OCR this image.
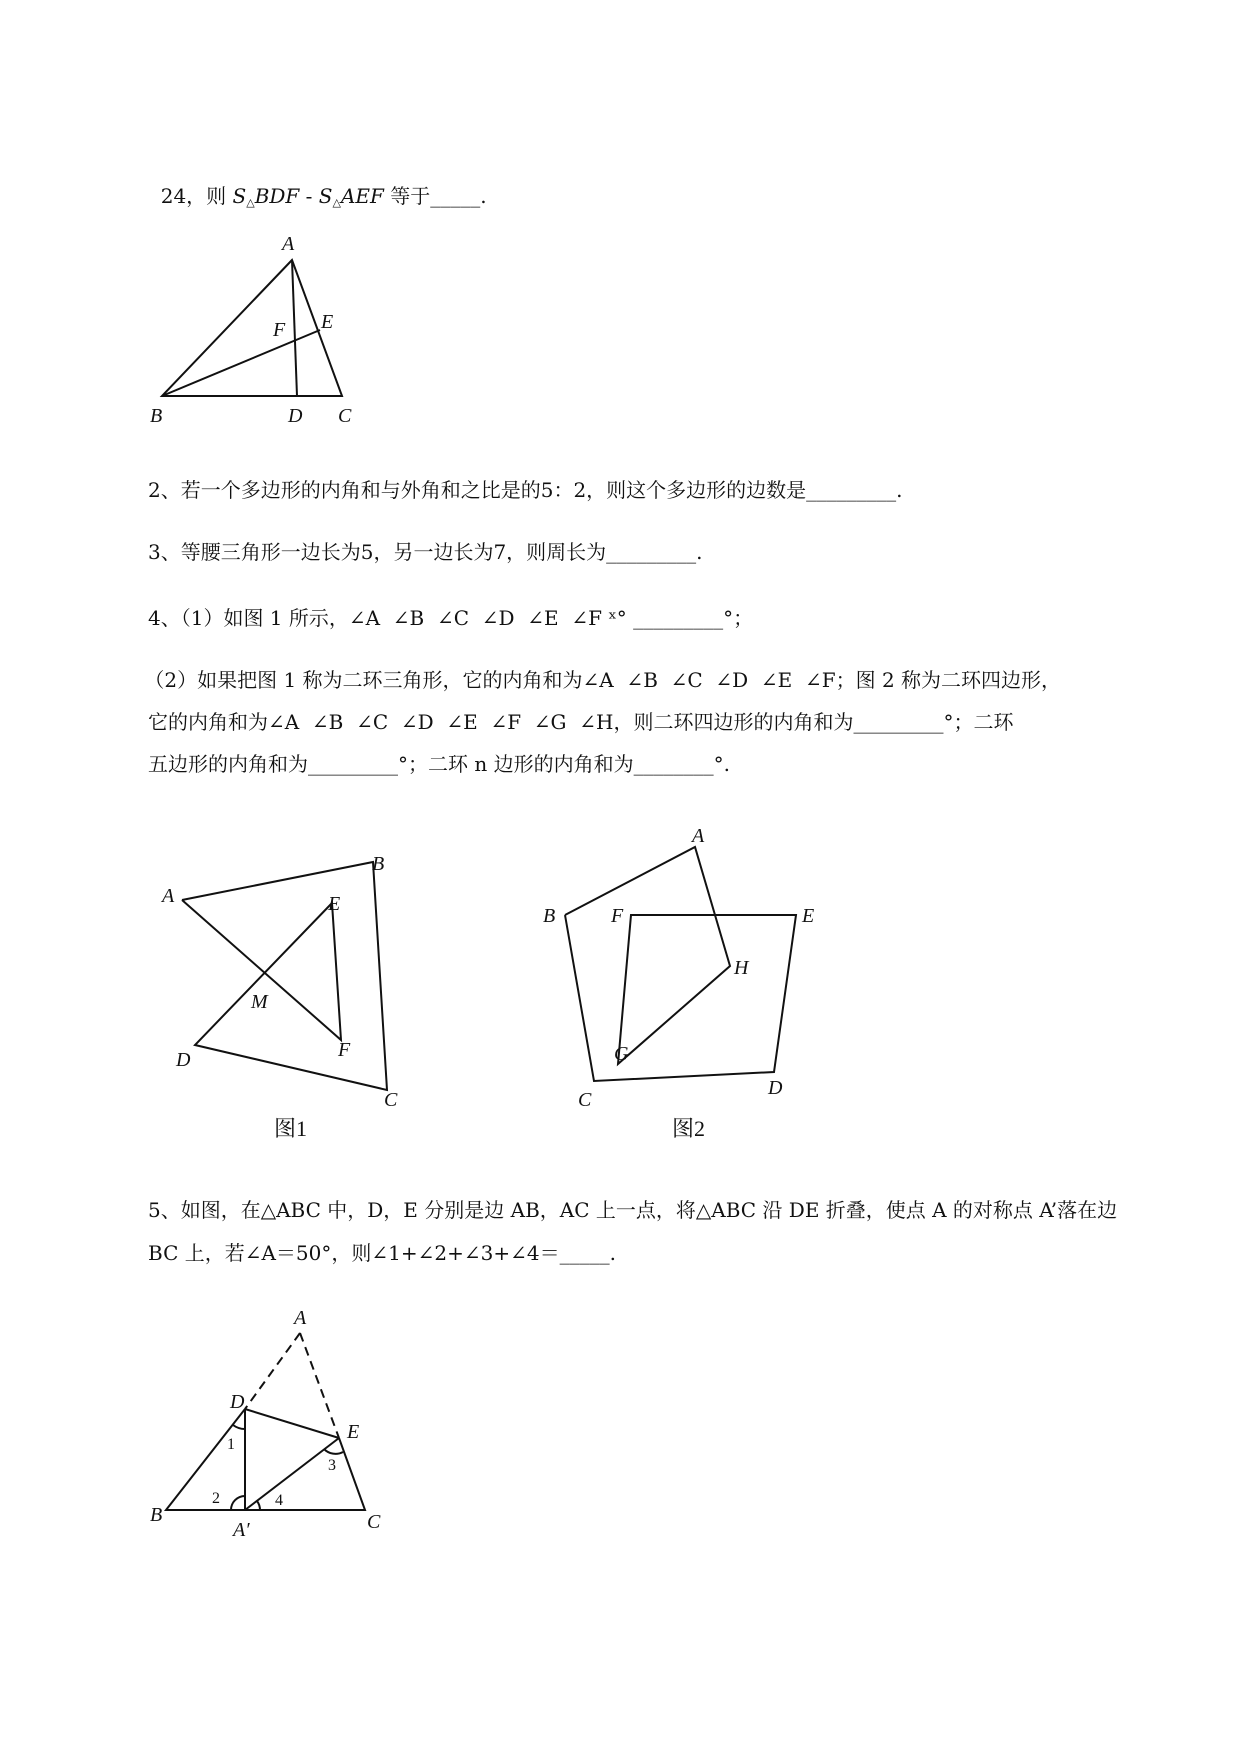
24，则 $S_\triangle BDF - S_\triangle AEF$ 等于_____.

A
B	C
D
E
F
2、若一个多边形的内角和与外角和之比是的5：2，则这个多边形的边数是_________.
3、等腰三角形一边长为5，另一边长为7，则周长为_________.
4、（1）如图 1 所示，∠A  ∠B  ∠C  ∠D  ∠E  ∠F ˣ° _________°；
（2）如果把图 1 称为二环三角形，它的内角和为∠A  ∠B  ∠C  ∠D  ∠E  ∠F；图 2 称为二环四边形，
它的内角和为∠A  ∠B  ∠C  ∠D  ∠E  ∠F  ∠G  ∠H，则二环四边形的内角和为_________°；二环
五边形的内角和为_________°；二环 n 边形的内角和为________°.
A
B
C
D
E
F
M
图1
A
B
C
D
E
F
G
H
图2
5、如图，在△ABC 中，D，E 分别是边 AB，AC 上一点，将△ABC 沿 DE 折叠，使点 A 的对称点 A’落在边
BC 上，若∠A＝50°，则∠1+∠2+∠3+∠4＝_____.
A
B	C
D
E
A′
1
2
3
4
